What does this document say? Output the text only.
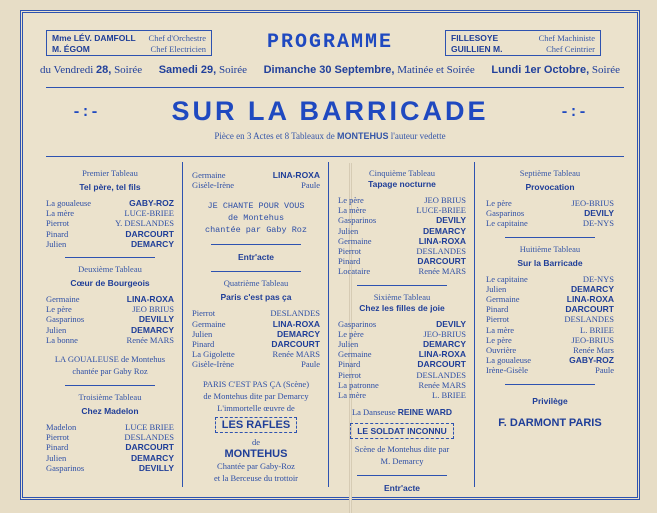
Mme LÉV. DAMFOLL Chef d'Orchestre
M. ÉGOM	Chef Electricien	PROGRAMME	FILLESOYE	Chef Machiniste
GUILLIEN M.	Chef Ceintrier
du Vendredi 28, Soirée Samedi 29, Soirée Dimanche 30 Septembre, Matinée et Soirée Lundi 1er Octobre, Soirée
-:-	SUR LA BARRICADE	-:-
Pièce en 3 Actes et 8 Tableaux de MONTEHUS l'auteur vedette
Premier Tableau
Tel père, tel fils
La goualeuse	GABY-ROZ
La mère	LUCE-BRIEE
Pierrot	Y. DESLANDES
Pinard	DARCOURT
Julien	DEMARCY
Deuxième Tableau
Cœur de Bourgeois
Germaine	LINA-ROXA
Le père	JEO BRIUS
Gasparinos	DEVILLY
Julien	DEMARCY
La bonne	Renée MARS
LA GOUALEUSE de Montehus
chantée par Gaby Roz
Troisième Tableau
Chez Madelon
Madelon	LUCE BRIEE
Pierrot	DESLANDES
Pinard	DARCOURT
Julien	DEMARCY
Gasparinos	DEVILLY
Germaine	LINA-ROXA
Gisèle-Irène	Paule
JE CHANTE POUR VOUS
de Montehus
chantée par Gaby Roz
Entr'acte
Quatrième Tableau
Paris c'est pas ça
Pierrot	DESLANDES
Germaine	LINA-ROXA
Julien	DEMARCY
Pinard	DARCOURT
La Gigolette	Renée MARS
Gisèle-Irène	Paule
PARIS C'EST PAS ÇA (Scène)
de Montehus dite par Demarcy
L'immortelle œuvre de
LES RAFLES
de
MONTEHUS
Chantée par Gaby-Roz
et la Berceuse du trottoir
Cinquième Tableau
Tapage nocturne
Le père	JEO BRIUS
La mère	LUCE-BRIEE
Gasparinos	DEVILY
Julien	DEMARCY
Germaine	LINA-ROXA
Pierrot	DESLANDES
Pinard	DARCOURT
Locataire	Renée MARS
Sixième Tableau
Chez les filles de joie
Gasparinos	DEVILY
Le père	JEO-BRIUS
Julien	DEMARCY
Germaine	LINA-ROXA
Pinard	DARCOURT
Pierrot	DESLANDES
La patronne	Renée MARS
La mère	L. BRIEE
La Danseuse REINE WARD
LE SOLDAT INCONNU
Scène de Montehus dite par
M. Demarcy
Entr'acte
Septième Tableau
Provocation
Le père	JEO-BRIUS
Gasparinos	DEVILY
Le capitaine	DE-NYS
Huitième Tableau
Sur la Barricade
Le capitaine	DE-NYS
Julien	DEMARCY
Germaine	LINA-ROXA
Pinard	DARCOURT
Pierrot	DESLANDES
La mère	L. BRIEE
Le père	JEO-BRIUS
Ouvrière	Renée Mars
La goualeuse	GABY-ROZ
Irène-Gisèle	Paule
Privilège
F. DARMONT PARIS
